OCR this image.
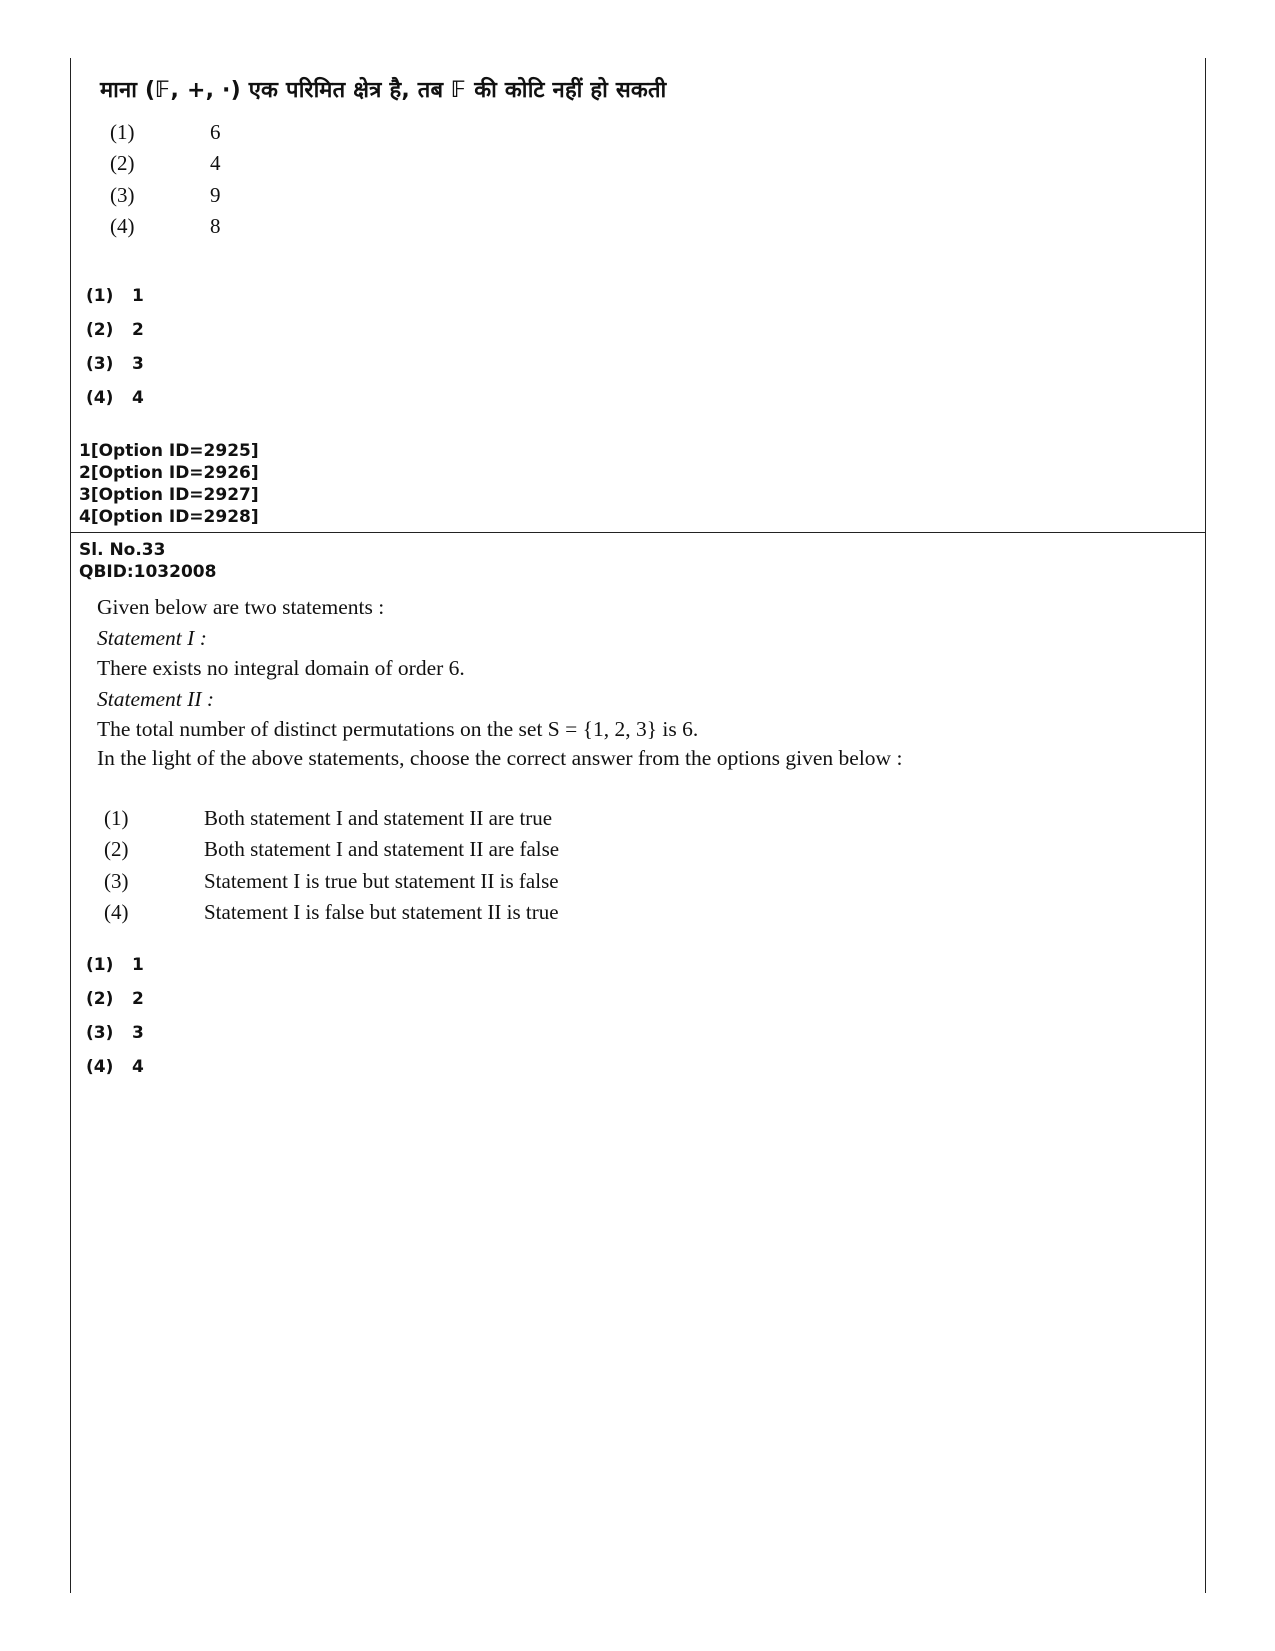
माना (𝔽, +, ·) एक परिमित क्षेत्र है, तब 𝔽 की कोटि नहीं हो सकती
(1)	6
(2)	4
(3)	9
(4)	8
(1) 1
(2) 2
(3) 3
(4) 4
1[Option ID=2925]
2[Option ID=2926]
3[Option ID=2927]
4[Option ID=2928]
Sl. No.33
QBID:1032008

Given below are two statements :

Statement I :

There exists no integral domain of order 6.

Statement II :

The total number of distinct permutations on the set S = {1, 2, 3} is 6.

In the light of the above statements, choose the correct answer from the options given below :

(1)	Both statement I and statement II are true
(2)	Both statement I and statement II are false
(3)	Statement I is true but statement II is false
(4)	Statement I is false but statement II is true
(1) 1
(2) 2
(3) 3
(4) 4
